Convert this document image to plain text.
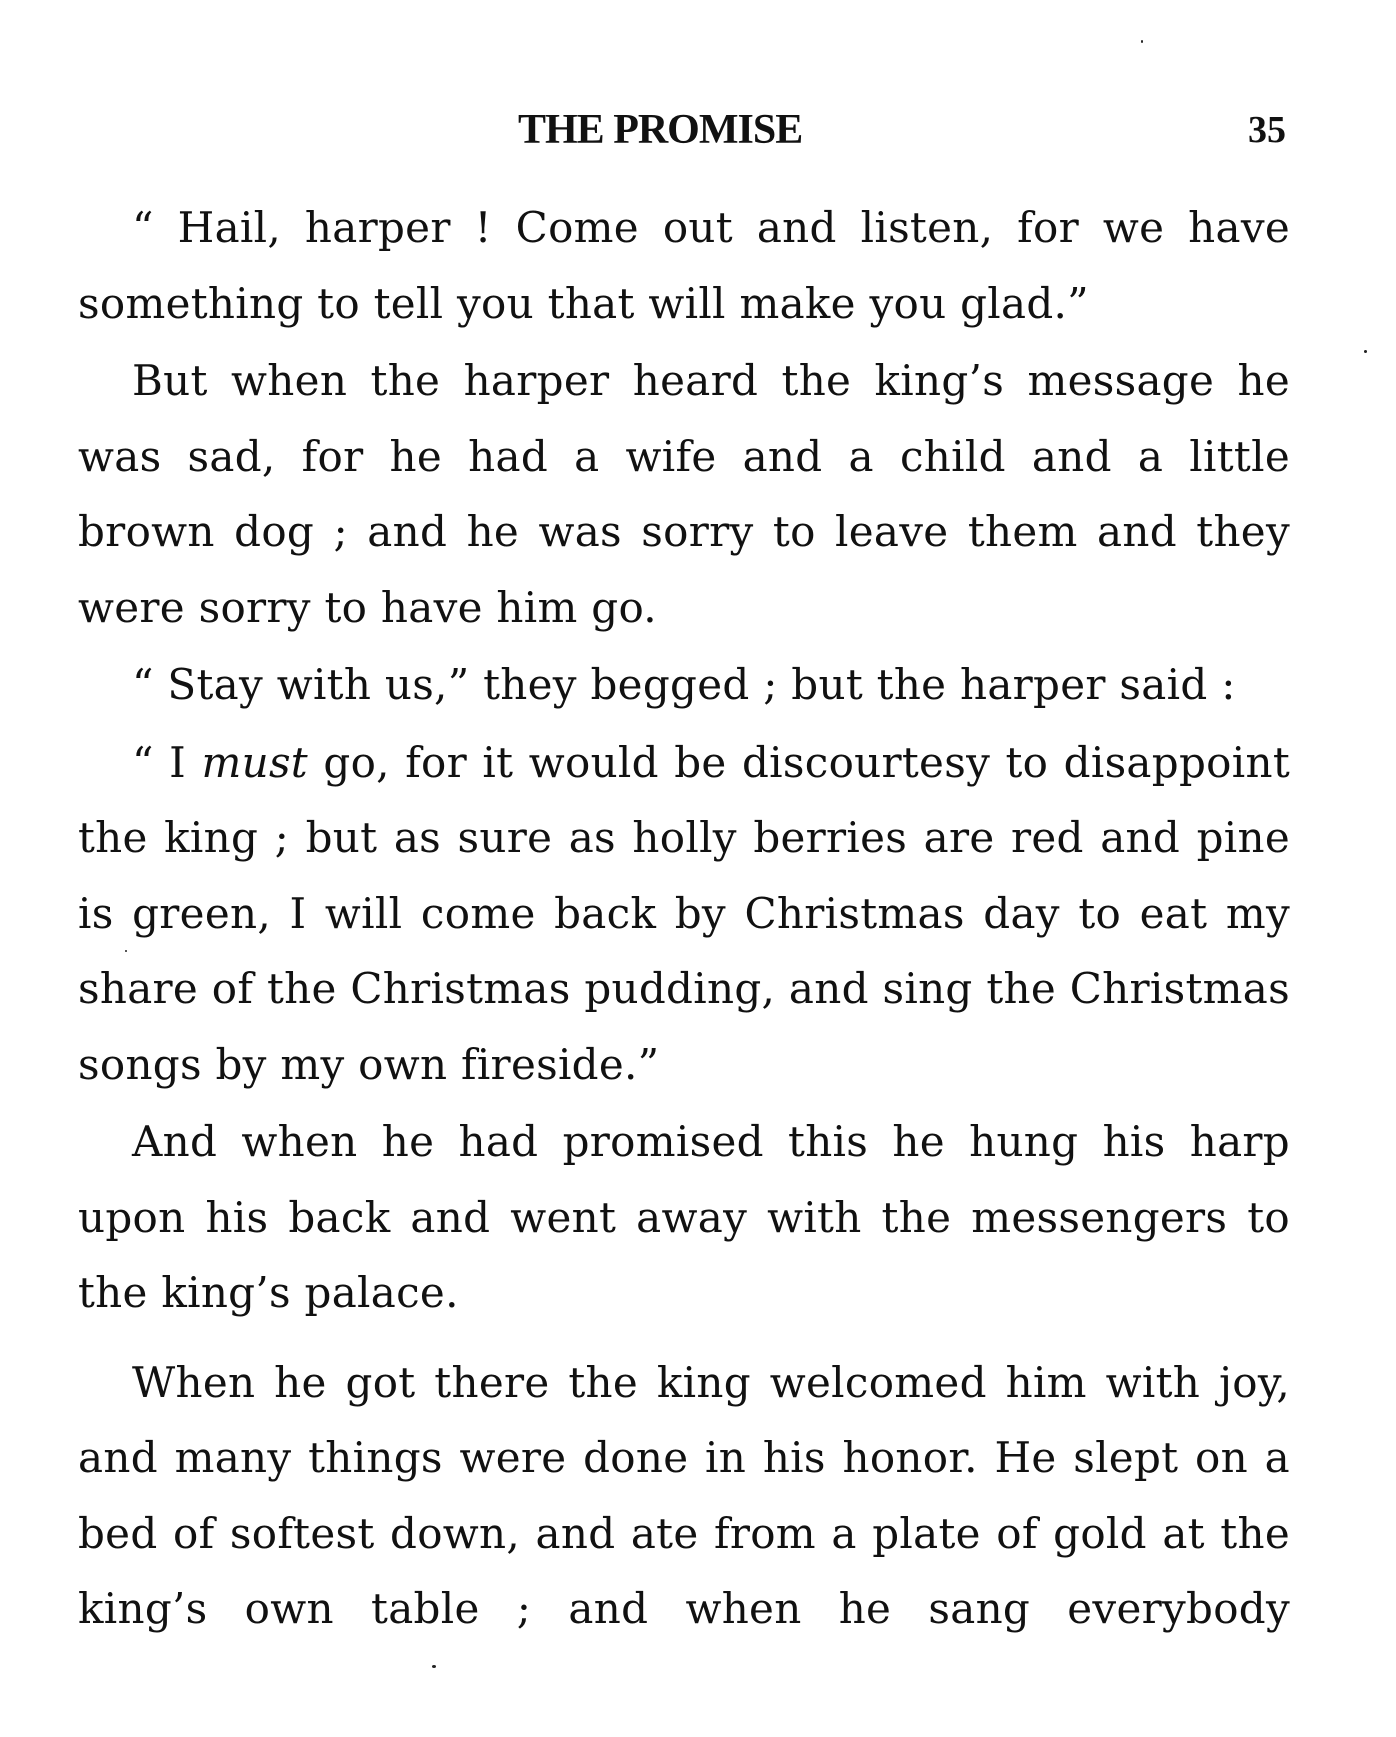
THE PROMISE	35

“ Hail, harper ! Come out and listen, for we have something to tell you that will make you glad.”

But when the harper heard the king’s message he was sad, for he had a wife and a child and a little brown dog ; and he was sorry to leave them and they were sorry to have him go.

“ Stay with us,” they begged ; but the harper said :

“ I must go, for it would be discourtesy to disappoint the king ; but as sure as holly berries are red and pine is green, I will come back by Christmas day to eat my share of the Christmas pudding, and sing the Christmas songs by my own fireside.”

And when he had promised this he hung his harp upon his back and went away with the messengers to the king’s palace.

When he got there the king welcomed him with joy, and many things were done in his honor. He slept on a bed of softest down, and ate from a plate of gold at the king’s own table ; and when he sang everybody
